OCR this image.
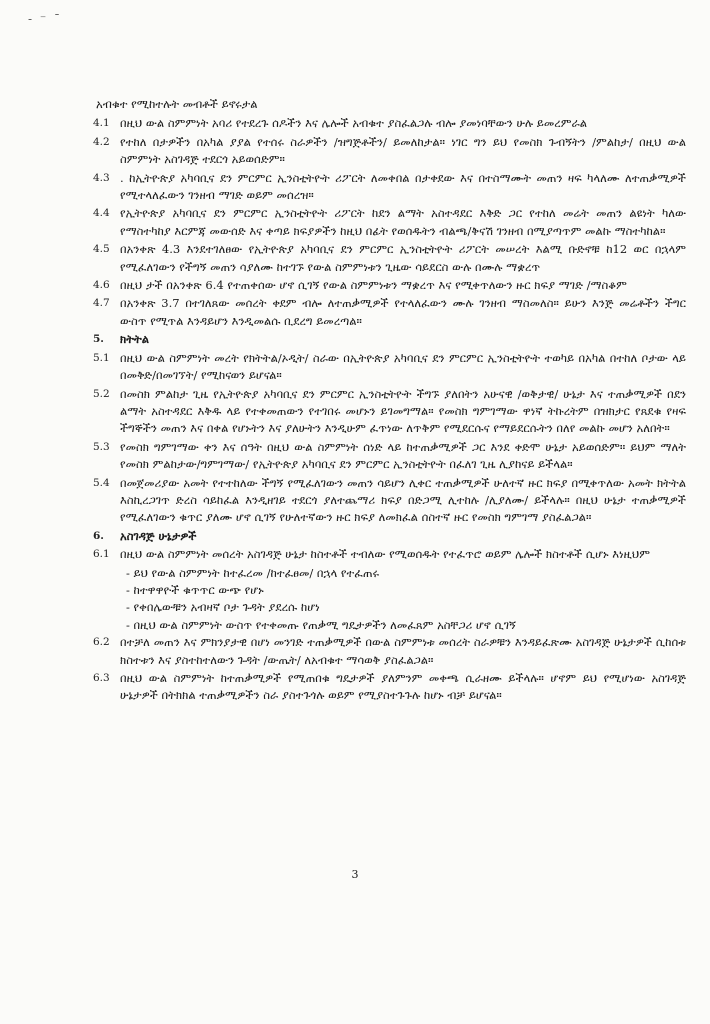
‑ ⁻ ˉ

አብቁተ የሚከተሉት መብቶች ይኖሩታል

4.1 በዚህ ውል ስምምነት አባሪ የተደረጉ ሰዶችን እና ሌሎች አብቁተ ያስፈልጋሉ ብሎ ያመነባቸውን ሁሉ ይመረምራል
4.2 የተከለ በታዎችን በአካል ያያል የተሰሩ ስራዎችን /ዝግጅቶችን/ ይመለከታል። ነገር ግን ይህ የመስክ ጉብኝትን /ምልከታ/ በዚህ ውል ስምምነት አስገዳጅ ተደርጎ አይወሰድም።
4.3 . ከኢትዮጵያ አካባቢና ደን ምርምር ኢንስቲትዮት ሪፖርት ለመቀበል በታቀደው እና በተስማሙት መጠን ዛፍ ካላለሙ ለተጠቃሚዎች የሚተላለፈውን ገንዘብ ማገድ ወይም መሰረዝ።
4.4 የኢትዮጵያ አካባቢና ደን ምርምር ኢንስቲትዮት ሪፖርት ከደን ልማት አስተዳደር እቅድ ጋር የተከለ መሬት መጠን ልዩነት ካለው የማስተካከያ እርምጃ መውሰድ እና ቀጣይ ክፍያዎችን ከዚህ በፊት የወሰዱትን ብልጫ/ቅናሽ ገንዘብ በሚያጣጥም መልኩ ማስተካከል።
4.5 በአንቀጽ 4.3 እንደተገለፀው የኢትዮጵያ አካባቢና ደን ምርምር ኢንስቲትዮት ሪፖርት መሠረት እልሚ ቡድኖቹ ከ12 ወር በኋላም የሚፈለገውን የችግኝ መጠን ሳያለሙ ከተገኙ የውል ስምምነቱን ጊዜው ሳይደርስ ውሉ በሙሉ ማቋረጥ
4.6 በዚህ ታች በአንቀጽ 6.4 የተጠቀሰው ሆኖ ሲገኝ የውል ስምምነቱን ማቋረጥ እና የሚቀጥለውን ዙር ክፍያ ማገድ /ማስቆም
4.7 በአንቀጽ 3.7 በተገለጸው መሰረት ቀደም ብሎ ለተጠቃሚዎች የተላለፈውን ሙሉ ገንዘብ ማስመለስ። ይሁን እንጅ መሬቶችን ችግር ውስጥ የሚጥል እንዳይሆን እንዲመልሱ ቢደረግ ይመረጣል።
5. ክትትል
5.1 በዚህ ውል ስምምነት መረት የክትትል/ኦዲት/ ስራው በኢትዮጵያ አካባቢና ደን ምርምር ኢንስቲትዮት ተወካይ በአካል በተከለ ቦታው ላይ በመቅድ/በመገኘት/ የሚከናወን ይሆናል።
5.2 በመስክ ምልከታ ጊዜ የኢትዮጵያ አካባቢና ደን ምርምር ኢንስቲትዮት ችግኙ ያለበትን አሁናዊ /ወቅታዊ/ ሁኔታ እና ተጠቃሚዎች በደን ልማት አስተዳደር እቅዱ ላይ የተቀመጠውን የተገበሩ መሆኑን ይገመግማል። የመስክ ግምገማው ዋነኛ ትኩረትም በዝክታር የጸደቁ የዛፍ ችግኞችን መጠን እና በቀል የሆኑትን እና ያለሁትን እንዲሁም ፈጥነው ለጥቅም የሚደርሱና የማይደርሱትን በለየ መልኩ መሆን አለበት።
5.3 የመስክ ግምገማው ቀን እና ሰዓት በዚህ ውል ስምምነት ሰነድ ላይ ከተጠቃሚዎች ጋር እንደ ቀድሞ ሁኔታ አይወሰድም። ይህም ማለት የመስክ ምልከታው/ግምገማው/ የኢትዮጵያ አካባቢና ደን ምርምር ኢንስቲትዮት በፈለገ ጊዜ ሊያከናይ ይችላል።
5.4 በመጀመሪያው አመት የተተከለው ችግኝ የሚፈለገውን መጠን ሳይሆን ሊቀር ተጠቃሚዎች ሁለተኛ ዙር ክፍያ በሚቀጥለው አመት ክትትል እስኪረጋገጥ ድረስ ሳይከፈል እንዲዘገይ ተደርጎ ያለተጨማሪ ክፍያ በድጋሚ ሊተከሉ /ሊያለሙ/ ይችላሉ። በዚህ ሁኔታ ተጠቃሚዎች የሚፈለገውን ቁጥር ያለሙ ሆኖ ሲገኝ የሁለተኛውን ዙር ክፍያ ለመክፈል ሰስተኛ ዙር የመስክ ግምገማ ያስፈልጋል።
6. አስገዳጅ ሁኔታዎች
6.1 በዚህ ውል ስምምነት መሰረት አስገዳጅ ሁኔታ ከስተቶች ተብለው የሚወሰዱት የተፈጥሮ ወይም ሌሎች ክስተቶች ሲሆኑ እነዚህም
- ይህ የውል ስምምነት ከተፈረመ /ከተፈፀመ/ በኋላ የተፈጠሩ
- ከተዋዋዮች ቁጥጥር ውጭ የሆኑ
- የቀበሌውቹን አብዛኛ ቦታ ጉዳት ያደረሱ ከሆነ
- በዚህ ውል ስምምነት ውስጥ የተቀመጡ የጠቃሚ ግዴታዎችን ለመፈጸም አስቸጋሪ ሆኖ ሲገኝ
6.2 በተቻለ መጠን እና ምክንያታዊ በሆነ መንገድ ተጠቃሚዎች በውል ስምምነቱ መሰረት ስራዎቹን እንዳይፈጽሙ አስገዳጅ ሁኔታዎች ሲከሰቱ ክስተቱን እና ያስተከተለውን ጉዳት /ውጤት/ ለአብቁተ ማሳወቅ ያስፈልጋል።
6.3 በዚህ ውል ስምምነት ከተጠቃሚዎች የሚጠበቁ ግዴታዎች ያለምንም መቀጫ ሲራዘሙ ይችላሉ። ሆኖም ይህ የሚሆነው አስገዳጅ ሁኔታዎች በትክክል ተጠቃሚዎችን ስራ ያስተጉጎሉ ወይም የሚያስተጉጉሉ ከሆኑ ብቻ ይሆናል።
3
